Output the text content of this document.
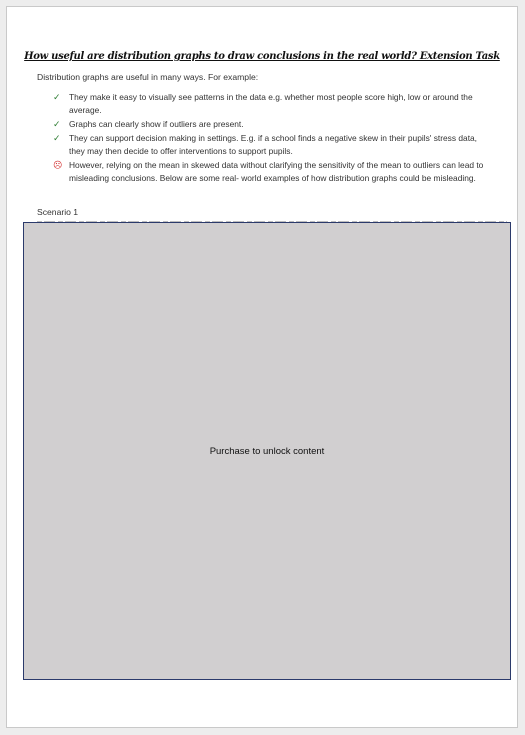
How useful are distribution graphs to draw conclusions in the real world? Extension Task
Distribution graphs are useful in many ways. For example:
✓	They make it easy to visually see patterns in the data e.g. whether most people score high, low or around the average.
✓	Graphs can clearly show if outliers are present.
✓	They can support decision making in settings. E.g. if a school finds a negative skew in their pupils' stress data, they may then decide to offer interventions to support pupils.
☹ However, relying on the mean in skewed data without clarifying the sensitivity of the mean to outliers can lead to misleading conclusions. Below are some real- world examples of how distribution graphs could be misleading.
Scenario 1
Purchase to unlock content
